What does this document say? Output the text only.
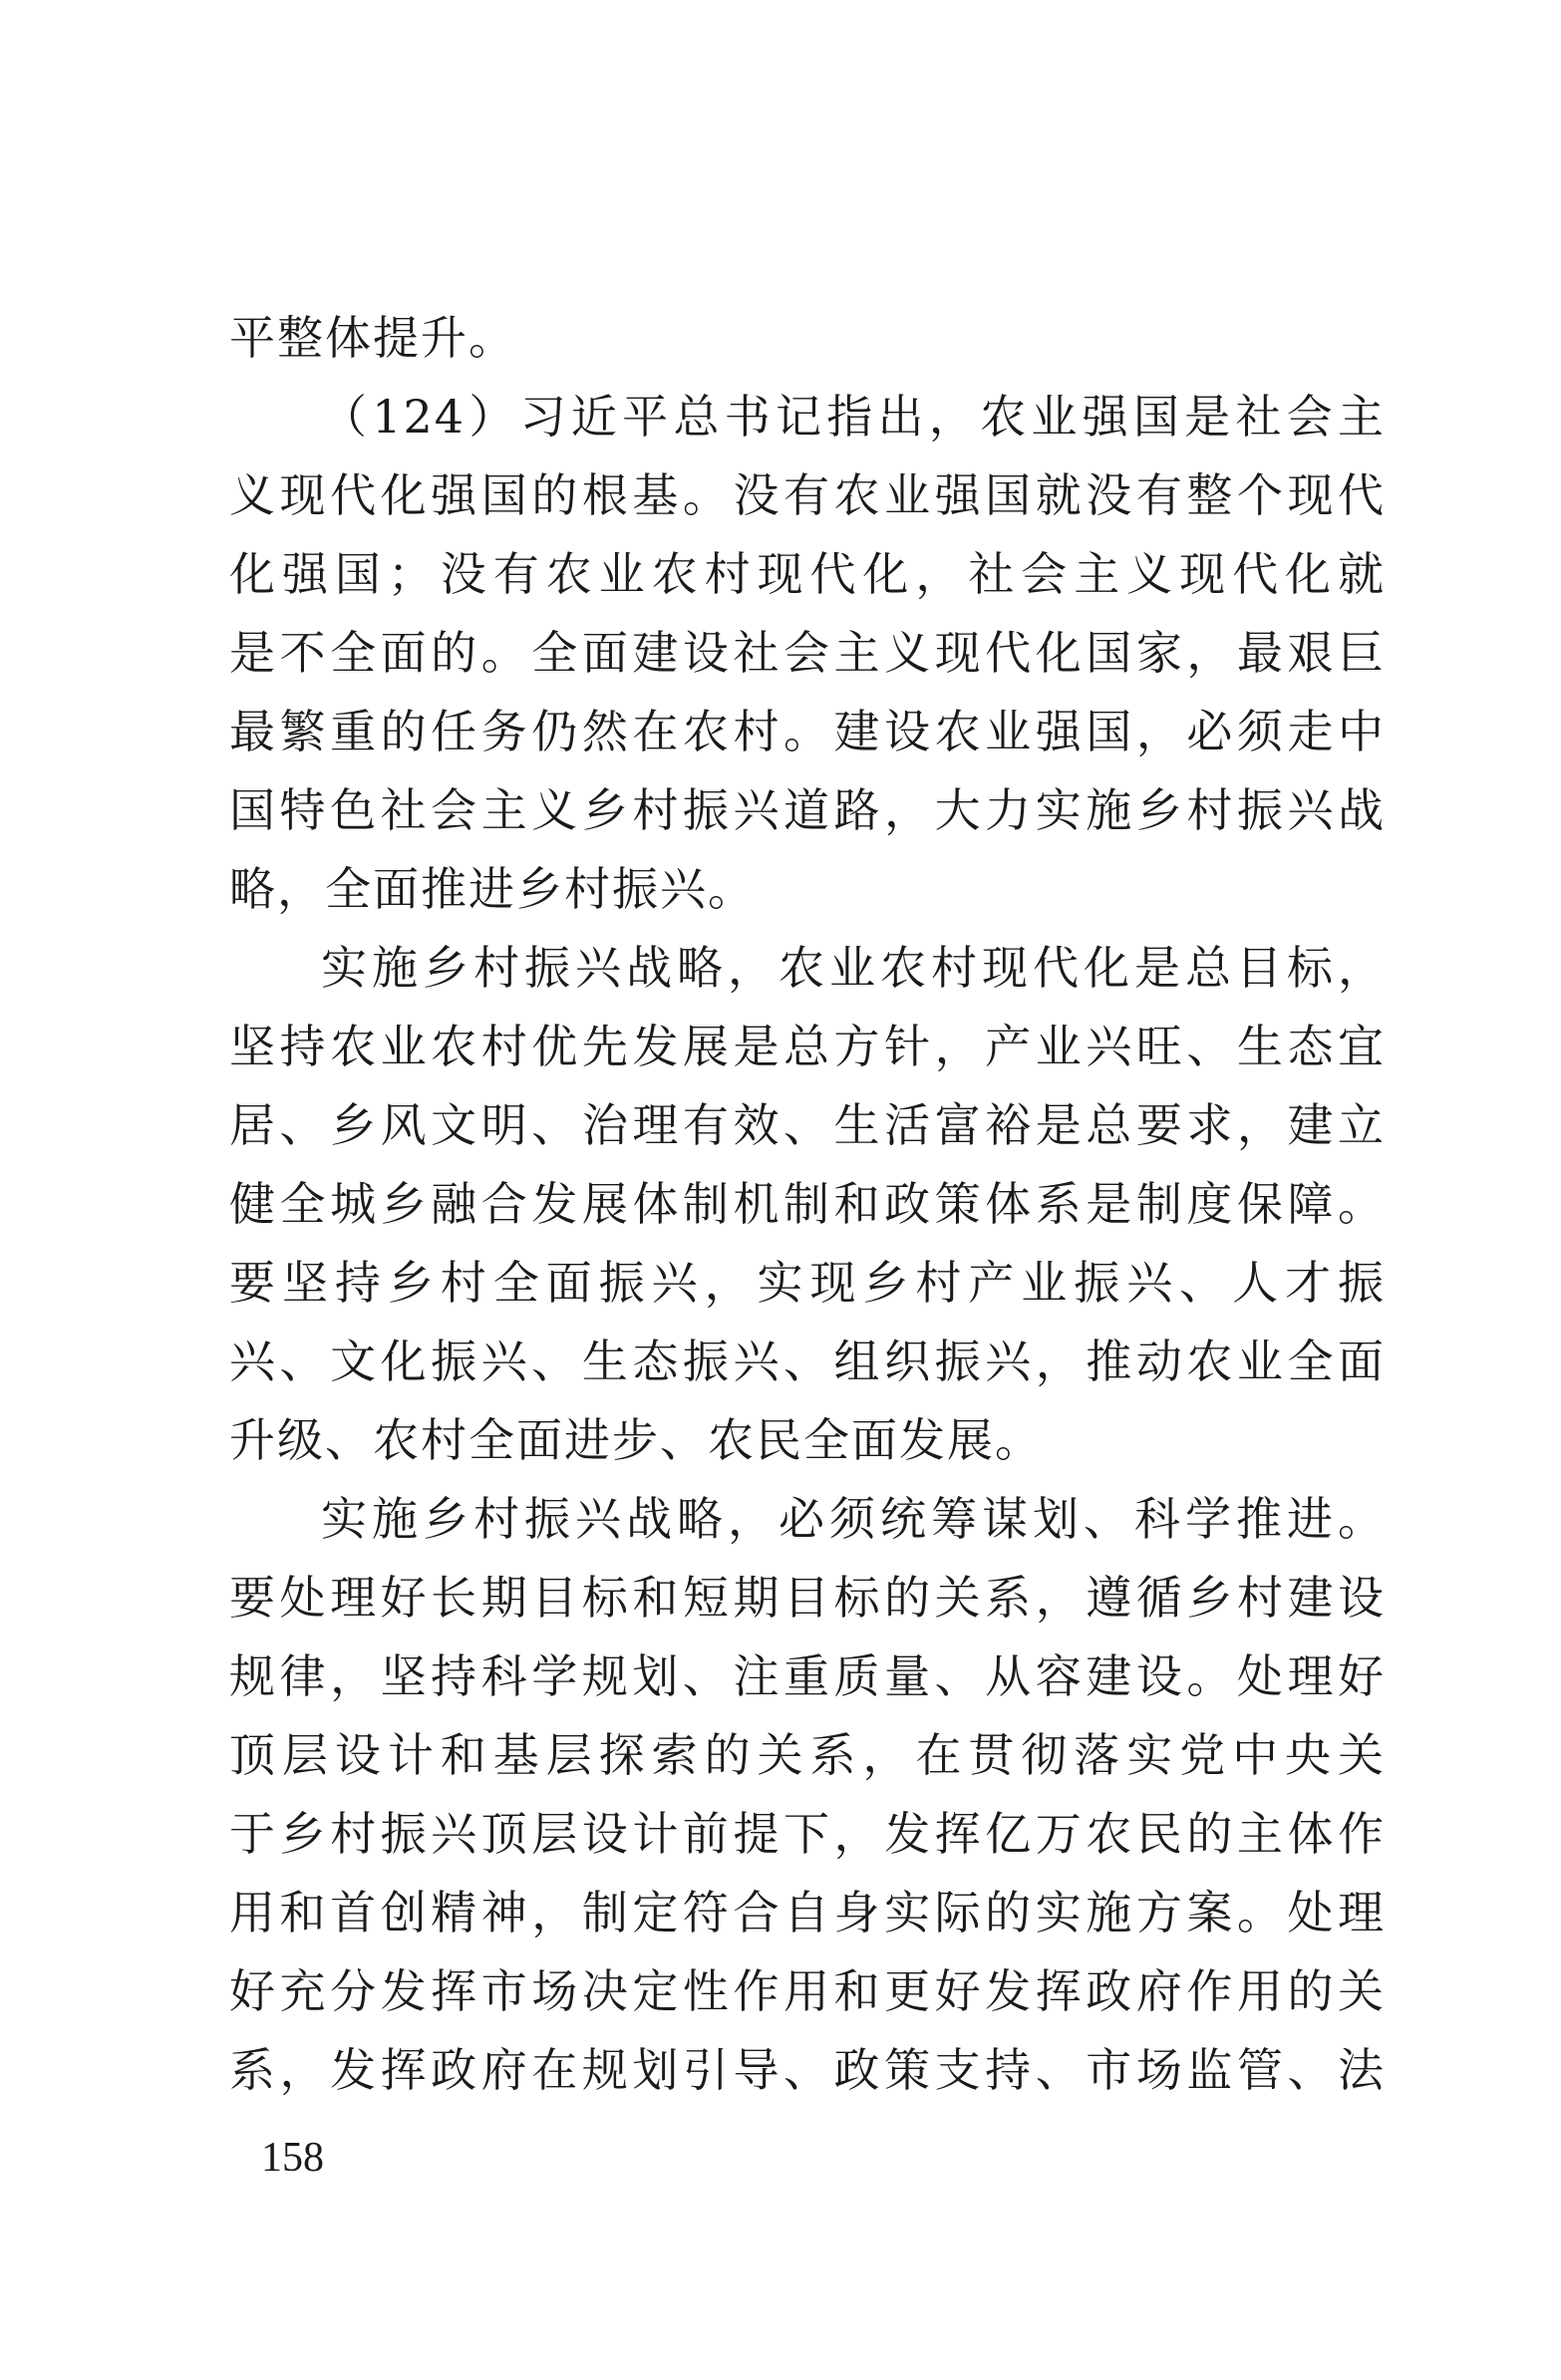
平整体提升。
（124）习近平总书记指出，农业强国是社会主
义现代化强国的根基。没有农业强国就没有整个现代
化强国；没有农业农村现代化，社会主义现代化就
是不全面的。全面建设社会主义现代化国家，最艰巨
最繁重的任务仍然在农村。建设农业强国，必须走中
国特色社会主义乡村振兴道路，大力实施乡村振兴战
略，全面推进乡村振兴。
实施乡村振兴战略，农业农村现代化是总目标，
坚持农业农村优先发展是总方针，产业兴旺、生态宜
居、乡风文明、治理有效、生活富裕是总要求，建立
健全城乡融合发展体制机制和政策体系是制度保障。
要坚持乡村全面振兴，实现乡村产业振兴、人才振
兴、文化振兴、生态振兴、组织振兴，推动农业全面
升级、农村全面进步、农民全面发展。
实施乡村振兴战略，必须统筹谋划、科学推进。
要处理好长期目标和短期目标的关系，遵循乡村建设
规律，坚持科学规划、注重质量、从容建设。处理好
顶层设计和基层探索的关系，在贯彻落实党中央关
于乡村振兴顶层设计前提下，发挥亿万农民的主体作
用和首创精神，制定符合自身实际的实施方案。处理
好充分发挥市场决定性作用和更好发挥政府作用的关
系，发挥政府在规划引导、政策支持、市场监管、法
158
